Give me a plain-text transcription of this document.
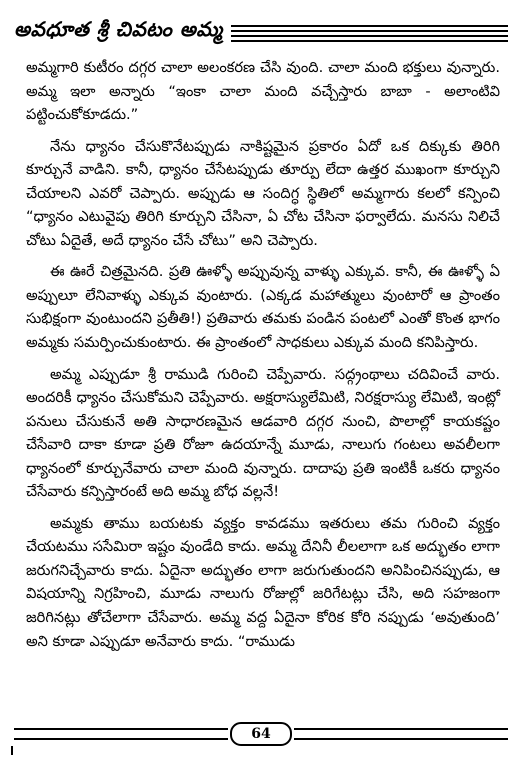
అవధూత శ్రీ చివటం అమ్మ

అమ్మగారి కుటీరం దగ్గర చాలా అలంకరణ చేసి వుంది. చాలా మంది భక్తులు వున్నారు. అమ్మ ఇలా అన్నారు “ఇంకా చాలా మంది వచ్చేస్తారు బాబా - అలాంటివి పట్టించుకోకూడదు.”

నేను ధ్యానం చేసుకొనేటప్పుడు నాకిష్టమైన ప్రకారం ఏదో ఒక దిక్కుకు తిరిగి కూర్చునే వాడిని. కానీ, ధ్యానం చేసేటప్పుడు తూర్పు లేదా ఉత్తర ముఖంగా కూర్చుని చేయాలని ఎవరో చెప్పారు. అప్పుడు ఆ సందిగ్ధ స్థితిలో అమ్మగారు కలలో కన్పించి “ధ్యానం ఎటువైపు తిరిగి కూర్చుని చేసినా, ఏ చోట చేసినా ఫర్వాలేదు. మనసు నిలిచే చోటు ఏదైతే, అదే ధ్యానం చేసే చోటు” అని చెప్పారు.

ఈ ఊరే చిత్రమైనది. ప్రతి ఊళ్ళో అప్పువున్న వాళ్ళు ఎక్కువ. కానీ, ఈ ఊళ్ళో ఏ అప్పులూ లేనివాళ్ళు ఎక్కువ వుంటారు. (ఎక్కడ మహాత్ములు వుంటారో ఆ ప్రాంతం సుభిక్షంగా వుంటుందని ప్రతీతి!) ప్రతివారు తమకు పండిన పంటలో ఎంతో కొంత భాగం అమ్మకు సమర్పించుకుంటారు. ఈ ప్రాంతంలో సాధకులు ఎక్కువ మంది కనిపిస్తారు.

అమ్మ ఎప్పుడూ శ్రీ రాముడి గురించి చెప్పేవారు. సద్గ్రంథాలు చదివించే వారు. అందరికీ ధ్యానం చేసుకోమని చెప్పేవారు. అక్షరాస్యులేమిటి, నిరక్షరాస్యు లేమిటి, ఇంట్లో పనులు చేసుకునే అతి సాధారణమైన ఆడవారి దగ్గర నుంచి, పొలాల్లో కాయకష్టం చేసేవారి దాకా కూడా ప్రతి రోజూ ఉదయాన్నే మూడు, నాలుగు గంటలు అవలీలగా ధ్యానంలో కూర్చునేవారు చాలా మంది వున్నారు. దాదాపు ప్రతి ఇంటికీ ఒకరు ధ్యానం చేసేవారు కన్పిస్తారంటే అది అమ్మ బోధ వల్లనే!

అమ్మకు తాము బయటకు వ్యక్తం కావడము ఇతరులు తమ గురించి వ్యక్తం చేయటము ససేమిరా ఇష్టం వుండేది కాదు. అమ్మ దేనినీ లీలలాగా ఒక అద్భుతం లాగా జరుగనిచ్చేవారు కాదు. ఏదైనా అద్భుతం లాగా జరుగుతుందని అనిపించినప్పుడు, ఆ విషయాన్ని నిగ్రహించి, మూడు నాలుగు రోజుల్లో జరిగేటట్లు చేసి, అది సహజంగా జరిగినట్లు తోచేలాగా చేసేవారు. అమ్మ వద్ద ఏదైనా కోరిక కోరి నప్పుడు ‘అవుతుంది’ అని కూడా ఎప్పుడూ అనేవారు కాదు. “రాముడు

64
